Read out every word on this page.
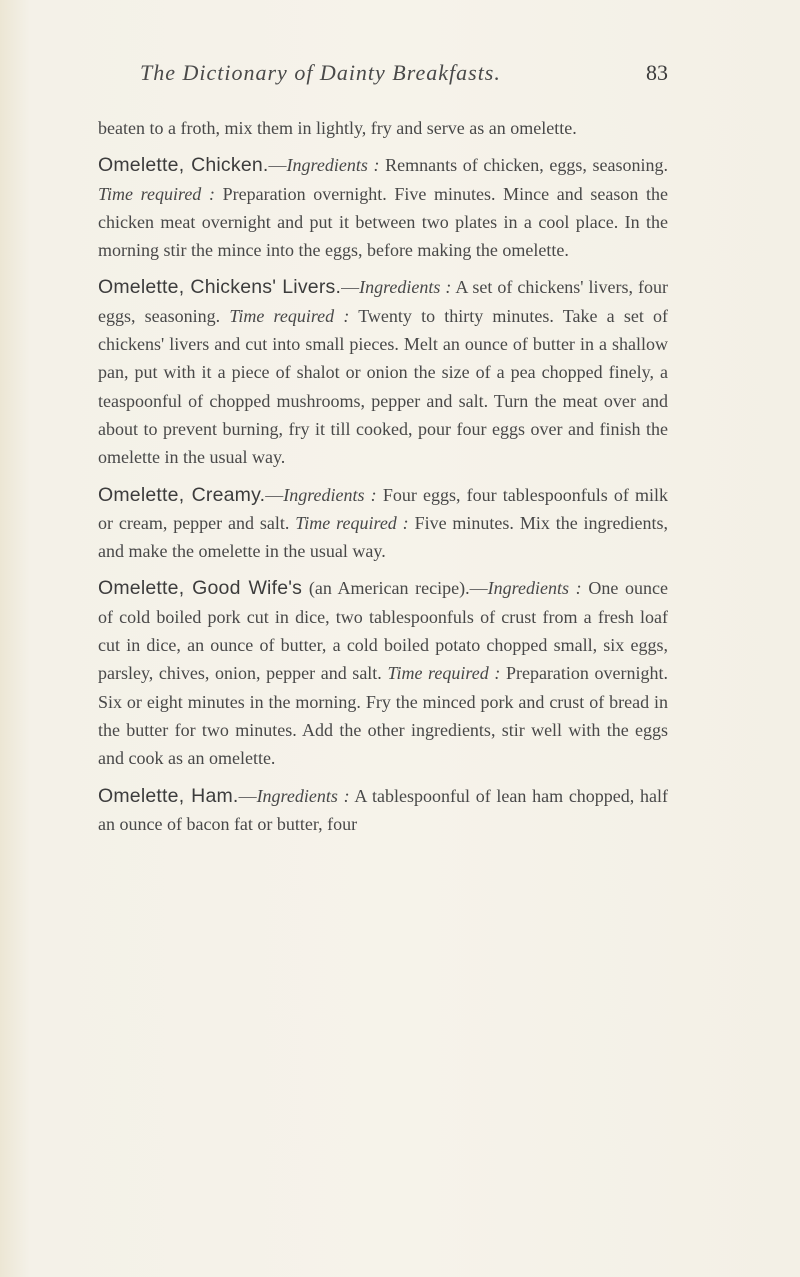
The Dictionary of Dainty Breakfasts.	83

beaten to a froth, mix them in lightly, fry and serve as an omelette.

Omelette, Chicken.—Ingredients : Remnants of chicken, eggs, seasoning. Time required : Preparation overnight. Five minutes. Mince and season the chicken meat overnight and put it between two plates in a cool place. In the morning stir the mince into the eggs, before making the omelette.

Omelette, Chickens' Livers.—Ingredients : A set of chickens' livers, four eggs, seasoning. Time required : Twenty to thirty minutes. Take a set of chickens' livers and cut into small pieces. Melt an ounce of butter in a shallow pan, put with it a piece of shalot or onion the size of a pea chopped finely, a teaspoonful of chopped mushrooms, pepper and salt. Turn the meat over and about to prevent burning, fry it till cooked, pour four eggs over and finish the omelette in the usual way.

Omelette, Creamy.—Ingredients : Four eggs, four tablespoonfuls of milk or cream, pepper and salt. Time required : Five minutes. Mix the ingredients, and make the omelette in the usual way.

Omelette, Good Wife's (an American recipe).—Ingredients : One ounce of cold boiled pork cut in dice, two tablespoonfuls of crust from a fresh loaf cut in dice, an ounce of butter, a cold boiled potato chopped small, six eggs, parsley, chives, onion, pepper and salt. Time required : Preparation overnight. Six or eight minutes in the morning. Fry the minced pork and crust of bread in the butter for two minutes. Add the other ingredients, stir well with the eggs and cook as an omelette.

Omelette, Ham.—Ingredients : A tablespoonful of lean ham chopped, half an ounce of bacon fat or butter, four
